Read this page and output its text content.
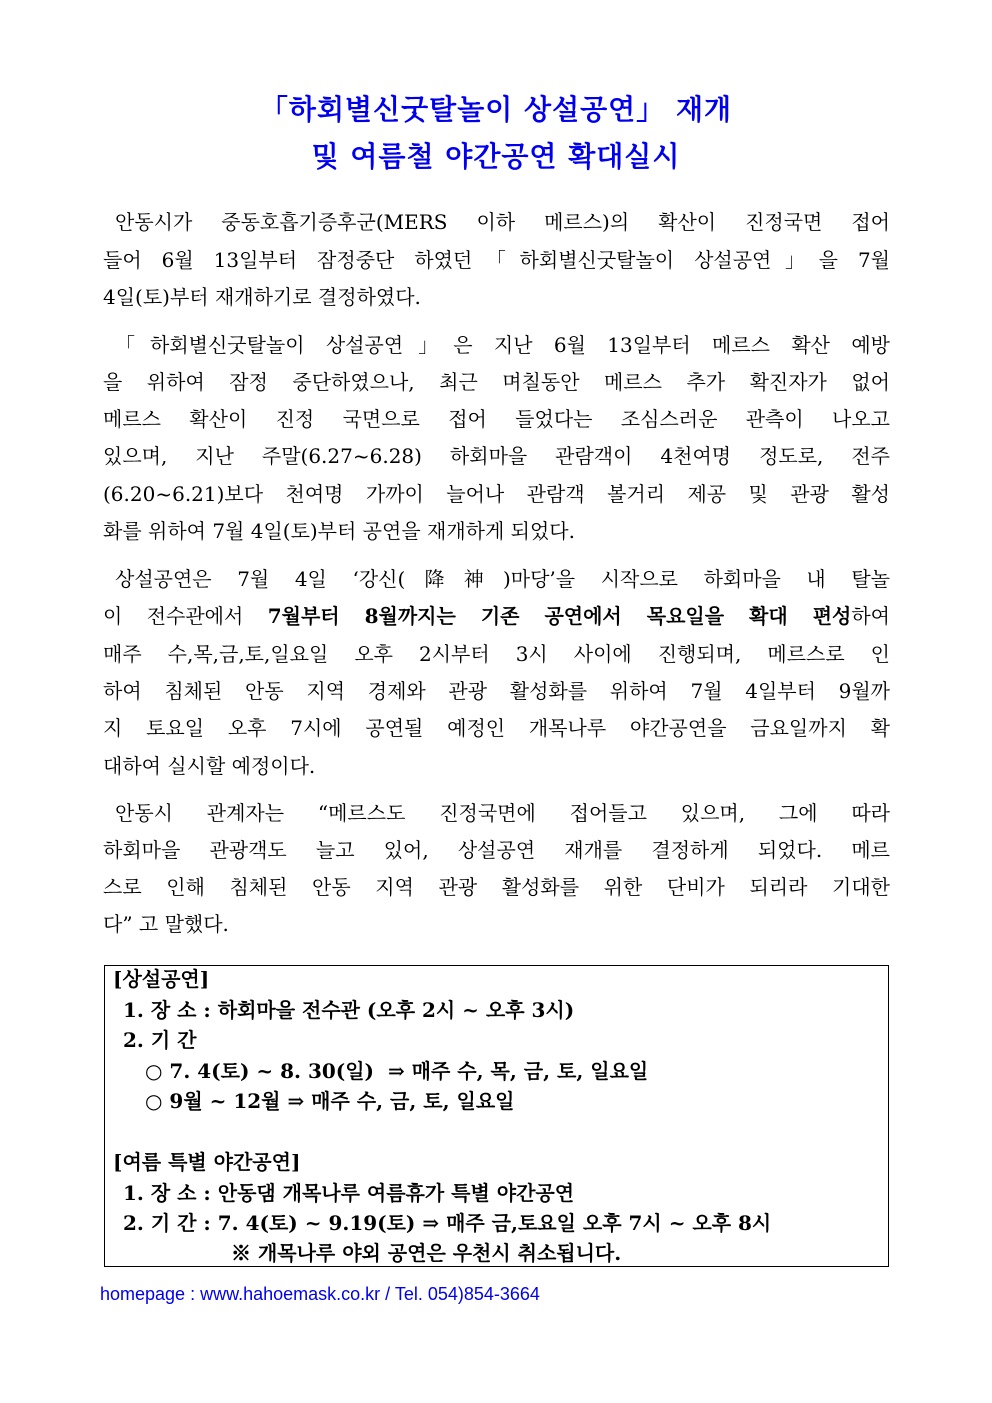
「하회별신굿탈놀이 상설공연」 재개
및 여름철 야간공연 확대실시
안동시가 중동호흡기증후군(MERS 이하 메르스)의 확산이 진정국면 접어
들어 6월 13일부터 잠정중단 하였던「하회별신굿탈놀이 상설공연」을 7월
4일(토)부터 재개하기로 결정하였다.
「하회별신굿탈놀이 상설공연」은 지난 6월 13일부터 메르스 확산 예방
을 위하여 잠정 중단하였으나, 최근 며칠동안 메르스 추가 확진자가 없어
메르스 확산이 진정 국면으로 접어 들었다는 조심스러운 관측이 나오고
있으며, 지난 주말(6.27~6.28) 하회마을 관람객이 4천여명 정도로, 전주
(6.20~6.21)보다 천여명 가까이 늘어나 관람객 볼거리 제공 및 관광 활성
화를 위하여 7월 4일(토)부터 공연을 재개하게 되었다.
상설공연은 7월 4일 ‘강신(降神)마당’을 시작으로 하회마을 내 탈놀
이 전수관에서 7월부터 8월까지는 기존 공연에서 목요일을 확대 편성하여
매주 수,목,금,토,일요일 오후 2시부터 3시 사이에 진행되며, 메르스로 인
하여 침체된 안동 지역 경제와 관광 활성화를 위하여 7월 4일부터 9월까
지 토요일 오후 7시에 공연될 예정인 개목나루 야간공연을 금요일까지 확
대하여 실시할 예정이다.
안동시 관계자는 “메르스도 진정국면에 접어들고 있으며, 그에 따라
하회마을 관광객도 늘고 있어, 상설공연 재개를 결정하게 되었다. 메르
스로 인해 침체된 안동 지역 관광 활성화를 위한 단비가 되리라 기대한
다” 고 말했다.
[상설공연]
1. 장 소 : 하회마을 전수관 (오후 2시 ~ 오후 3시)
2. 기 간
○ 7. 4(토) ~ 8. 30(일)  ⇒ 매주 수, 목, 금, 토, 일요일
○ 9월 ~ 12월 ⇒ 매주 수, 금, 토, 일요일
[여름 특별 야간공연]
1. 장 소 : 안동댐 개목나루 여름휴가 특별 야간공연
2. 기 간 : 7. 4(토) ~ 9.19(토) ⇒ 매주 금,토요일 오후 7시 ~ 오후 8시
※ 개목나루 야외 공연은 우천시 취소됩니다.
homepage : www.hahoemask.co.kr / Tel. 054)854-3664
